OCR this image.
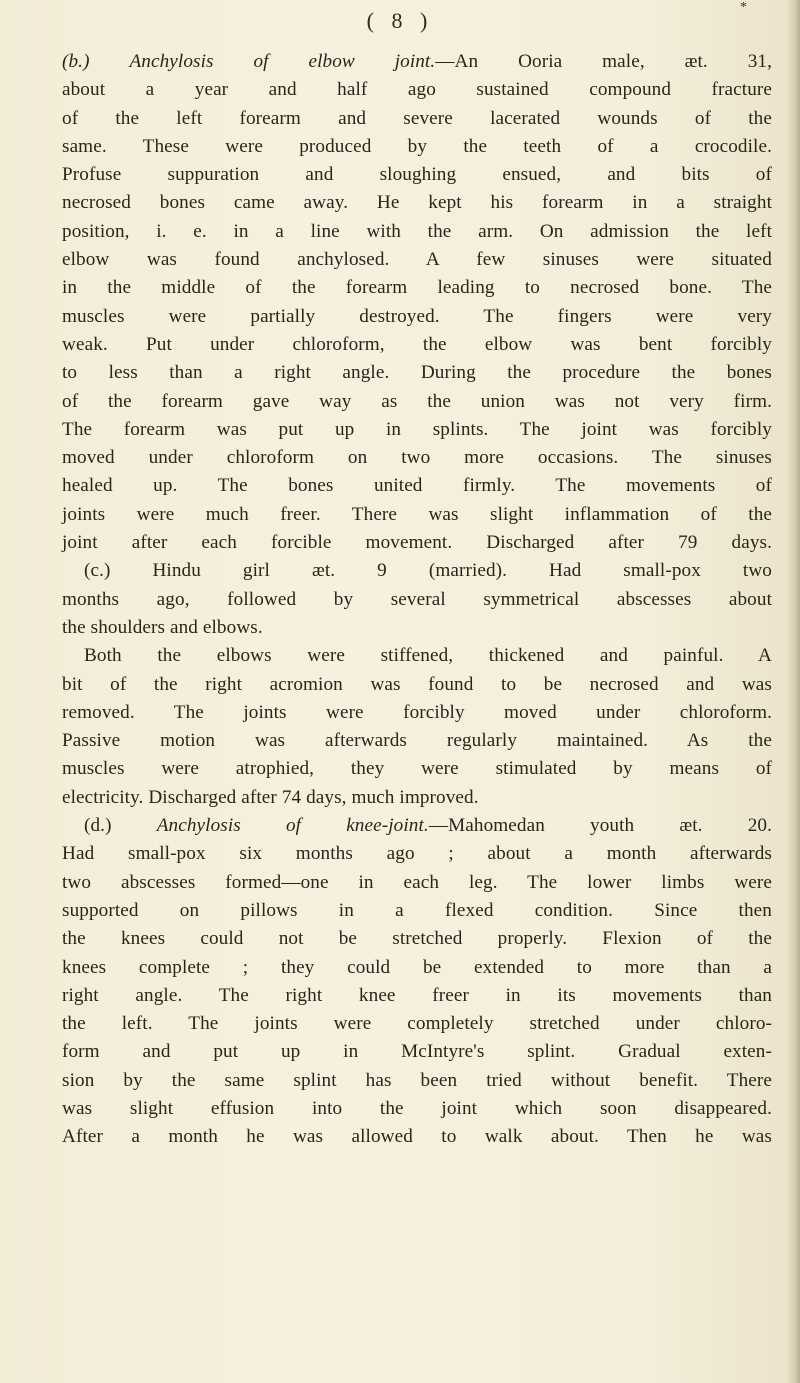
*
( 8 )
(b.) Anchylosis of elbow joint.—An Ooria male, æt. 31,
about a year and half ago sustained compound fracture
of the left forearm and severe lacerated wounds of the
same. These were produced by the teeth of a crocodile.
Profuse suppuration and sloughing ensued, and bits of
necrosed bones came away. He kept his forearm in a straight
position, i. e. in a line with the arm. On admission the left
elbow was found anchylosed. A few sinuses were situated
in the middle of the forearm leading to necrosed bone. The
muscles were partially destroyed. The fingers were very
weak. Put under chloroform, the elbow was bent forcibly
to less than a right angle. During the procedure the bones
of the forearm gave way as the union was not very firm.
The forearm was put up in splints. The joint was forcibly
moved under chloroform on two more occasions. The sinuses
healed up. The bones united firmly. The movements of
joints were much freer. There was slight inflammation of the
joint after each forcible movement. Discharged after 79 days.
(c.) Hindu girl æt. 9 (married). Had small-pox two
months ago, followed by several symmetrical abscesses about
the shoulders and elbows.
Both the elbows were stiffened, thickened and painful. A
bit of the right acromion was found to be necrosed and was
removed. The joints were forcibly moved under chloroform.
Passive motion was afterwards regularly maintained. As the
muscles were atrophied, they were stimulated by means of
electricity. Discharged after 74 days, much improved.
(d.) Anchylosis of knee-joint.—Mahomedan youth æt. 20.
Had small-pox six months ago ; about a month afterwards
two abscesses formed—one in each leg. The lower limbs were
supported on pillows in a flexed condition. Since then
the knees could not be stretched properly. Flexion of the
knees complete ; they could be extended to more than a
right angle. The right knee freer in its movements than
the left. The joints were completely stretched under chloro-
form and put up in McIntyre's splint. Gradual exten-
sion by the same splint has been tried without benefit. There
was slight effusion into the joint which soon disappeared.
After a month he was allowed to walk about. Then he was
